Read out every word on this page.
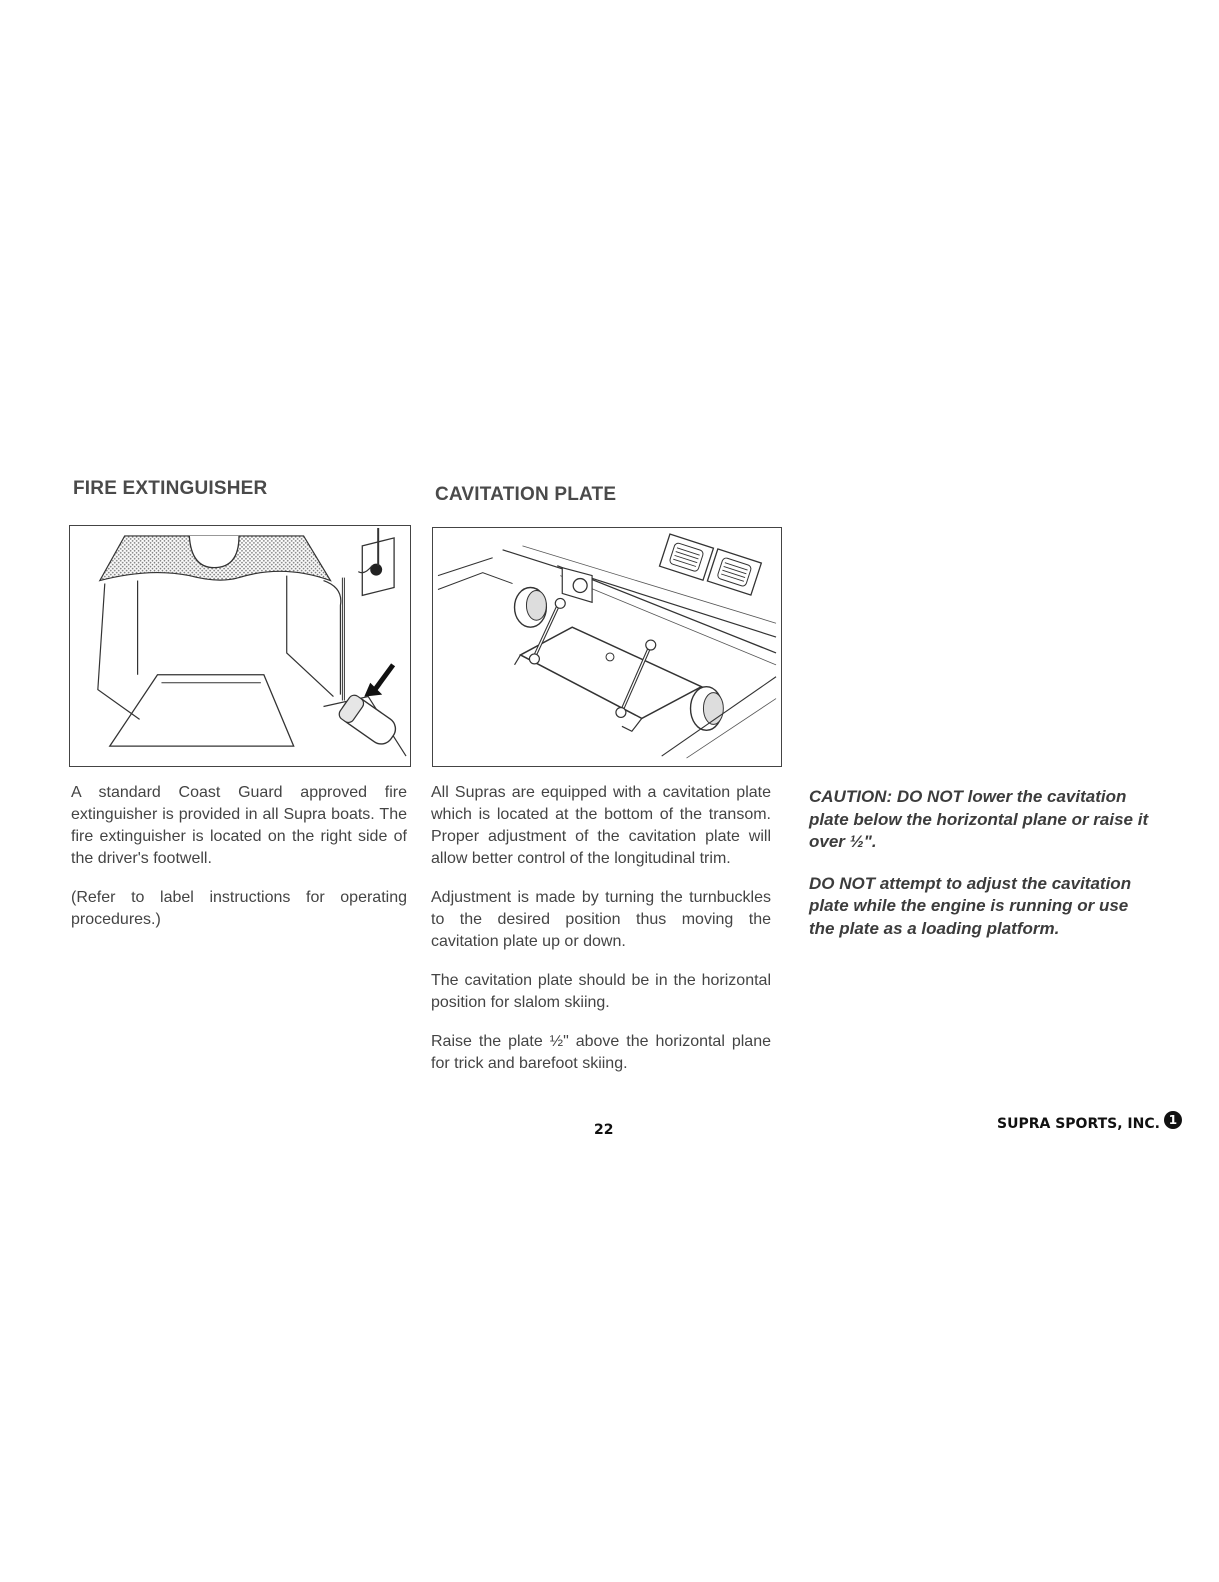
FIRE EXTINGUISHER	CAVITATION PLATE

A standard Coast Guard approved fire extinguisher is provided in all Supra boats. The fire extinguisher is located on the right side of the driver's footwell.

(Refer to label instructions for operating procedures.)

All Supras are equipped with a cavitation plate which is located at the bottom of the transom. Proper adjustment of the cavitation plate will allow better control of the longitudinal trim.

Adjustment is made by turning the turnbuckles to the desired position thus moving the cavitation plate up or down.

The cavitation plate should be in the horizontal position for slalom skiing.

Raise the plate ½" above the horizontal plane for trick and barefoot skiing.

CAUTION: DO NOT lower the cavitation plate below the horizontal plane or raise it over ½".

DO NOT attempt to adjust the cavitation plate while the engine is running or use the plate as a loading platform.

22	SUPRA SPORTS, INC. 1
